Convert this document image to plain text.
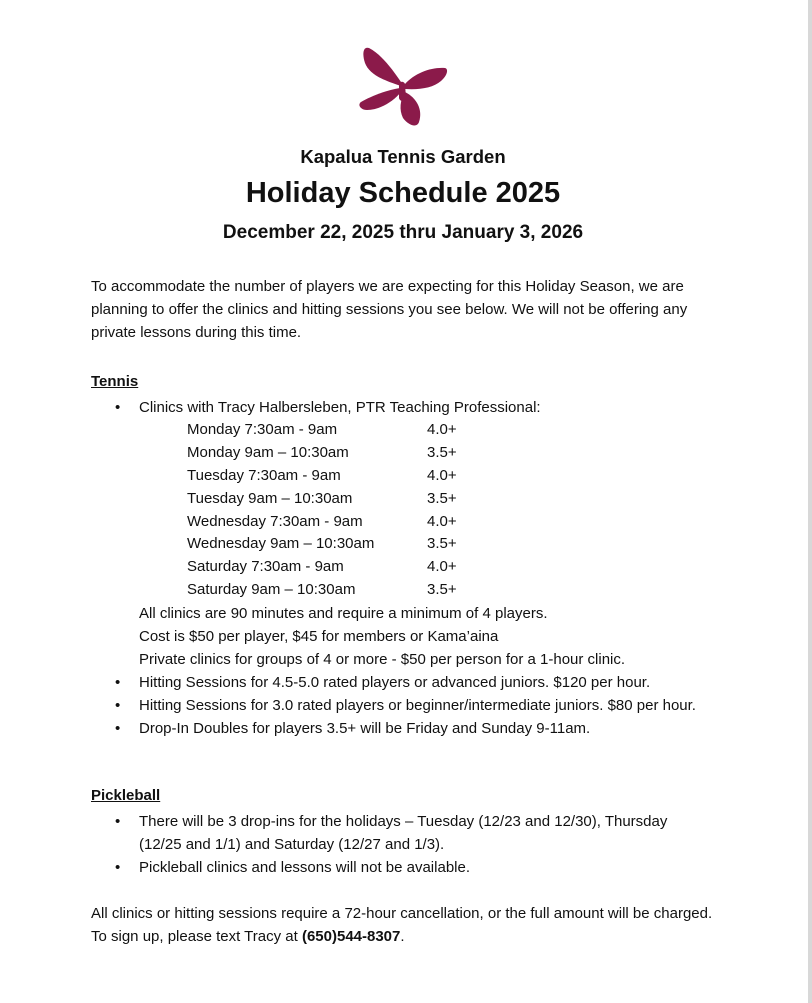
Kapalua Tennis Garden
Holiday Schedule 2025
December 22, 2025 thru January 3, 2026

To accommodate the number of players we are expecting for this Holiday Season, we are planning to offer the clinics and hitting sessions you see below. We will not be offering any private lessons during this time.

Tennis
• Clinics with Tracy Halbersleben, PTR Teaching Professional:
Monday 7:30am - 9am	4.0+
Monday 9am – 10:30am	3.5+
Tuesday 7:30am - 9am	4.0+
Tuesday 9am – 10:30am	3.5+
Wednesday 7:30am - 9am	4.0+
Wednesday 9am – 10:30am	3.5+
Saturday 7:30am - 9am	4.0+
Saturday 9am – 10:30am	3.5+
All clinics are 90 minutes and require a minimum of 4 players.
Cost is $50 per player, $45 for members or Kama’aina
Private clinics for groups of 4 or more - $50 per person for a 1-hour clinic.
• Hitting Sessions for 4.5-5.0 rated players or advanced juniors. $120 per hour.
• Hitting Sessions for 3.0 rated players or beginner/intermediate juniors. $80 per hour.
• Drop-In Doubles for players 3.5+ will be Friday and Sunday 9-11am.
Pickleball
• There will be 3 drop-ins for the holidays – Tuesday (12/23 and 12/30), Thursday (12/25 and 1/1) and Saturday (12/27 and 1/3).
• Pickleball clinics and lessons will not be available.

All clinics or hitting sessions require a 72-hour cancellation, or the full amount will be charged. To sign up, please text Tracy at (650)544-8307.
